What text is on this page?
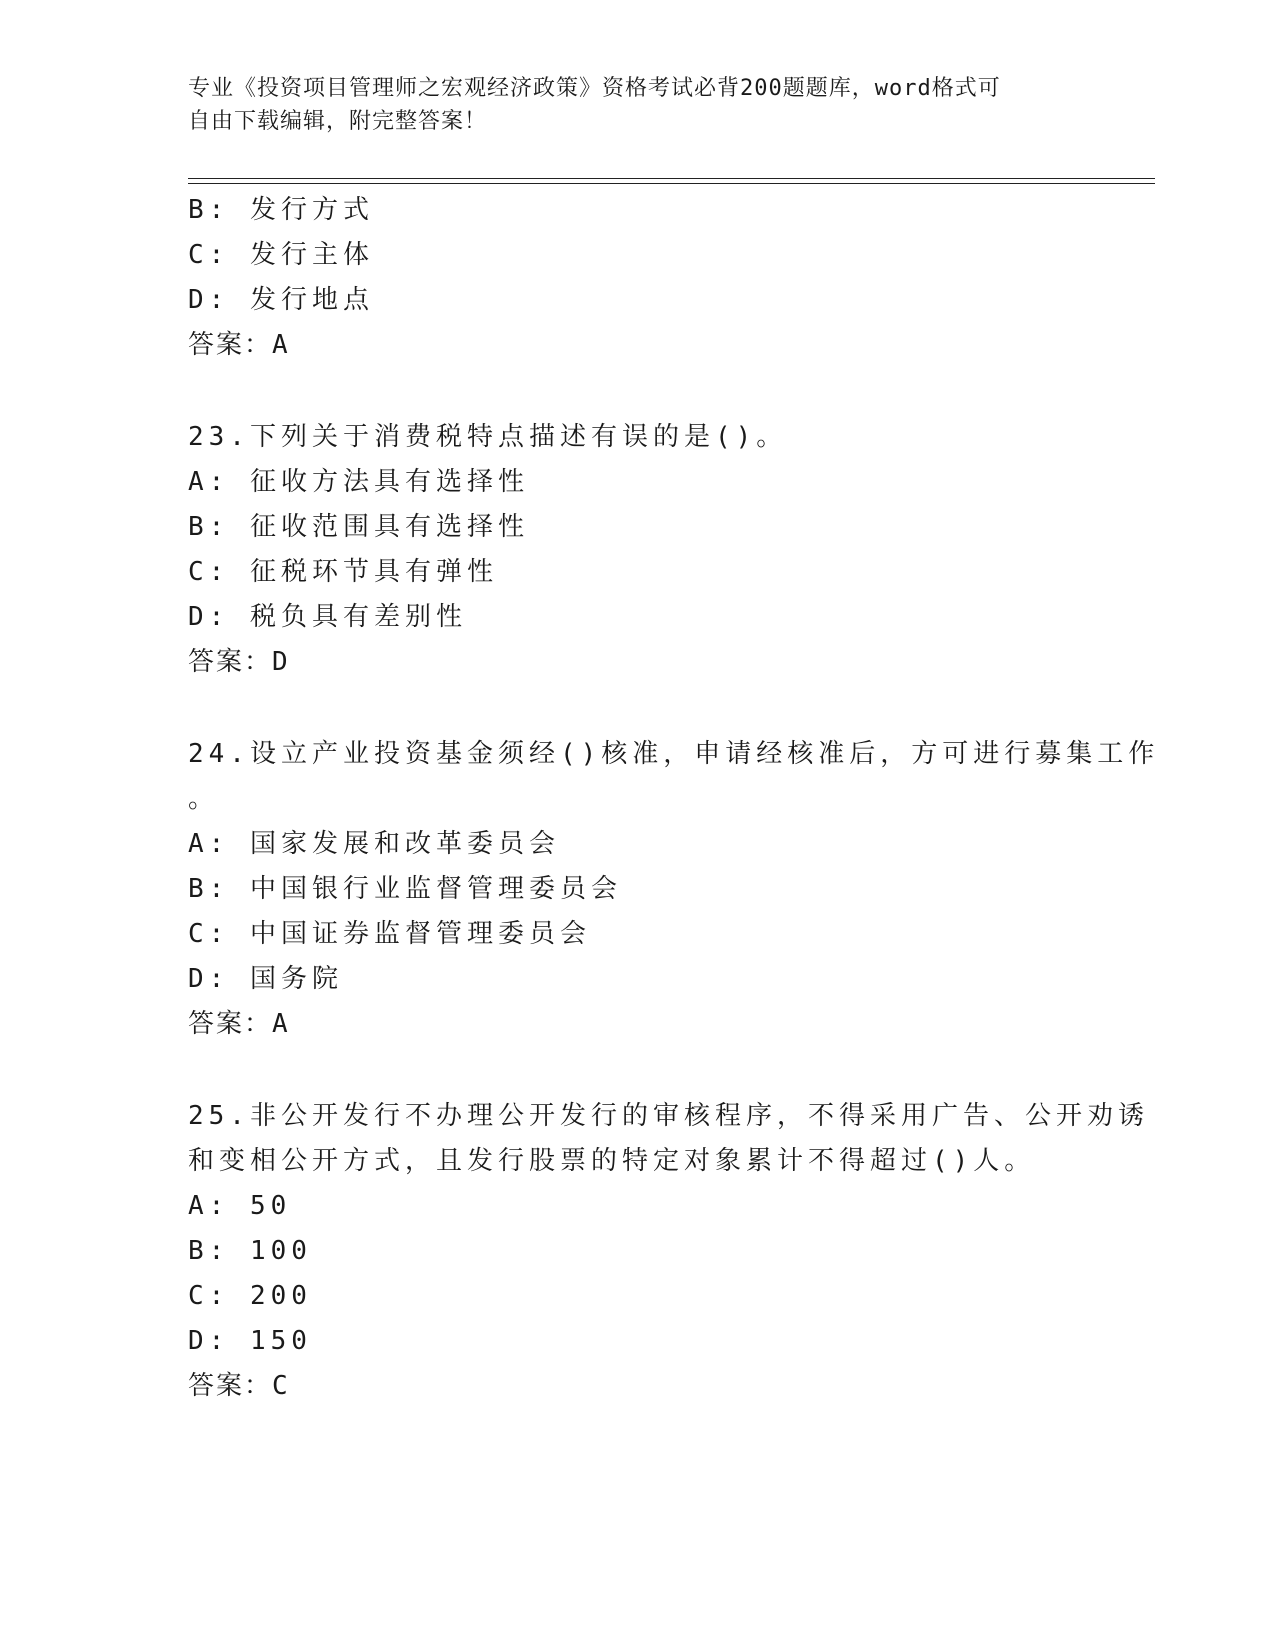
专业《投资项目管理师之宏观经济政策》资格考试必背200题题库，word格式可
自由下载编辑，附完整答案！
B: 发行方式
C: 发行主体
D: 发行地点
答案：A
23.下列关于消费税特点描述有误的是()。
A: 征收方法具有选择性
B: 征收范围具有选择性
C: 征税环节具有弹性
D: 税负具有差别性
答案：D
24.设立产业投资基金须经()核准，申请经核准后，方可进行募集工作
。
A: 国家发展和改革委员会
B: 中国银行业监督管理委员会
C: 中国证券监督管理委员会
D: 国务院
答案：A
25.非公开发行不办理公开发行的审核程序，不得采用广告、公开劝诱
和变相公开方式，且发行股票的特定对象累计不得超过()人。
A: 50
B: 100
C: 200
D: 150
答案：C
